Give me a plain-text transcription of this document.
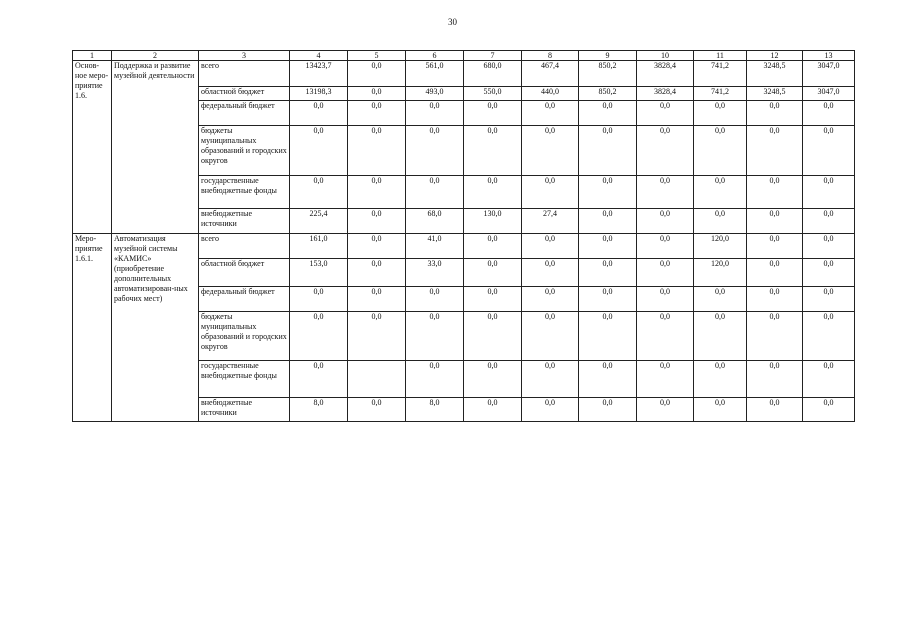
30
1	2	3	4	5	6	7	8	9	10	11	12	13
Основ-ное меро-приятие 1.6.	Поддержка и развитие музейной деятельности	всего	13423,7	0,0	561,0	680,0	467,4	850,2	3828,4	741,2	3248,5	3047,0
		областной бюджет	13198,3	0,0	493,0	550,0	440,0	850,2	3828,4	741,2	3248,5	3047,0
		федеральный бюджет	0,0	0,0	0,0	0,0	0,0	0,0	0,0	0,0	0,0	0,0
		бюджеты муниципальных образований и городских округов	0,0	0,0	0,0	0,0	0,0	0,0	0,0	0,0	0,0	0,0
		государственные внебюджетные фонды	0,0	0,0	0,0	0,0	0,0	0,0	0,0	0,0	0,0	0,0
		внебюджетные источники	225,4	0,0	68,0	130,0	27,4	0,0	0,0	0,0	0,0	0,0
Меро-приятие 1.6.1.	Автоматизация музейной системы «КАМИС» (приобретение дополнительных автоматизирован-ных рабочих мест)	всего	161,0	0,0	41,0	0,0	0,0	0,0	0,0	120,0	0,0	0,0
		областной бюджет	153,0	0,0	33,0	0,0	0,0	0,0	0,0	120,0	0,0	0,0
		федеральный бюджет	0,0	0,0	0,0	0,0	0,0	0,0	0,0	0,0	0,0	0,0
		бюджеты муниципальных образований и городских округов	0,0	0,0	0,0	0,0	0,0	0,0	0,0	0,0	0,0	0,0
		государственные внебюджетные фонды	0,0		0,0	0,0	0,0	0,0	0,0	0,0	0,0	0,0
		внебюджетные источники	8,0	0,0	8,0	0,0	0,0	0,0	0,0	0,0	0,0	0,0
